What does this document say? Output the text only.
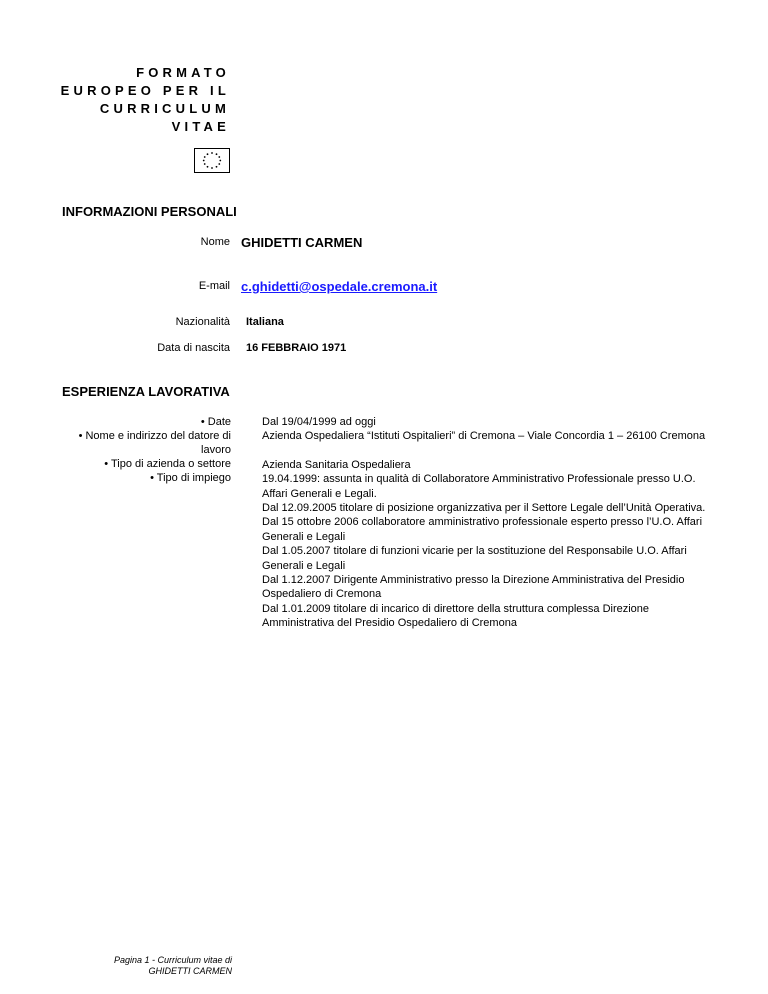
FORMATO
EUROPEO PER IL
CURRICULUM
VITAE
INFORMAZIONI PERSONALI
Nome GHIDETTI CARMEN
E-mail c.ghidetti@ospedale.cremona.it
Nazionalità Italiana
Data di nascita 16 FEBBRAIO 1971
ESPERIENZA LAVORATIVA
• Date
• Nome e indirizzo del datore di
lavoro
• Tipo di azienda o settore
• Tipo di impiego
Dal 19/04/1999 ad oggi
Azienda Ospedaliera “Istituti Ospitalieri” di Cremona – Viale Concordia 1 – 26100 Cremona
Azienda Sanitaria Ospedaliera
19.04.1999: assunta in qualità di Collaboratore Amministrativo Professionale presso U.O. Affari Generali e Legali.
Dal 12.09.2005 titolare di posizione organizzativa per il Settore Legale dell’Unità Operativa.
Dal 15 ottobre 2006 collaboratore amministrativo professionale esperto presso l’U.O. Affari Generali e Legali
Dal 1.05.2007 titolare di funzioni vicarie per la sostituzione del Responsabile U.O. Affari Generali e Legali
Dal 1.12.2007 Dirigente Amministrativo presso la Direzione Amministrativa del Presidio Ospedaliero di Cremona
Dal 1.01.2009 titolare di incarico di direttore della struttura complessa Direzione Amministrativa del Presidio Ospedaliero di Cremona
Pagina 1 - Curriculum vitae di
GHIDETTI CARMEN
